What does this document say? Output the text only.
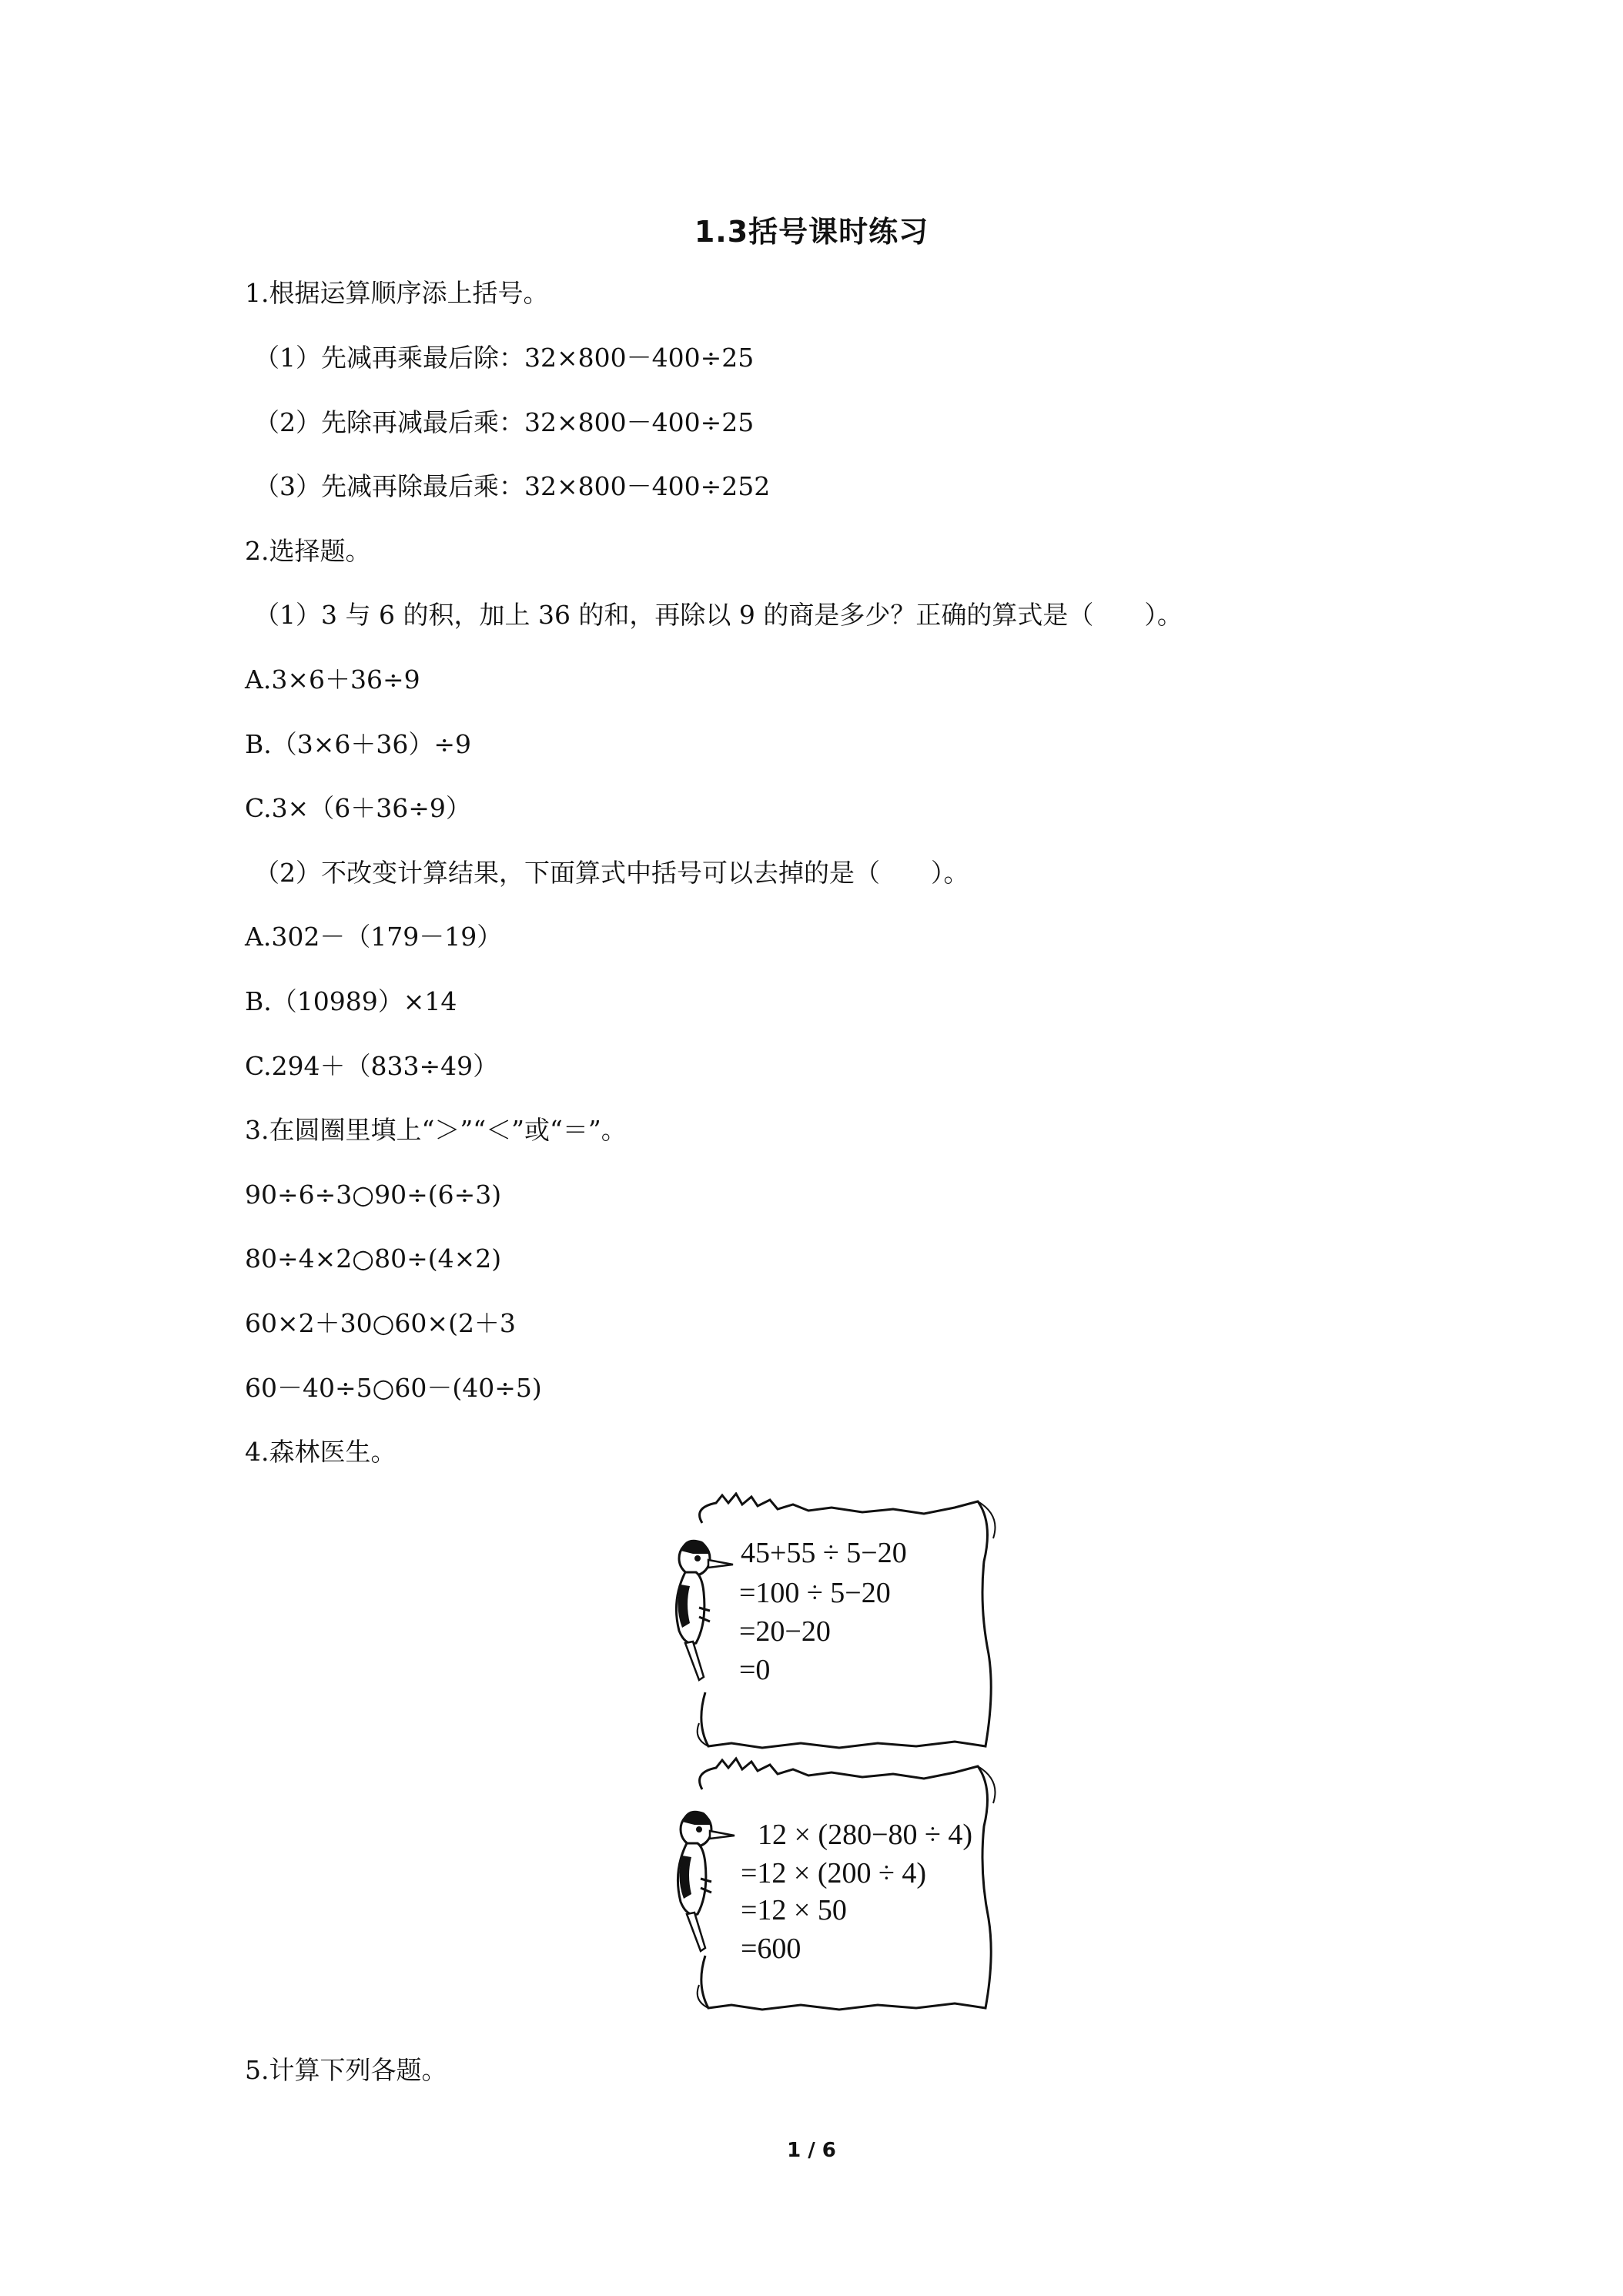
1.3括号课时练习
1.根据运算顺序添上括号。
（1）先减再乘最后除：32×800－400÷25
（2）先除再减最后乘：32×800－400÷25
（3）先减再除最后乘：32×800－400÷252
2.选择题。
（1）3 与 6 的积，加上 36 的和，再除以 9 的商是多少？正确的算式是（　　）。
A.3×6＋36÷9
B.（3×6＋36）÷9
C.3×（6＋36÷9）
（2）不改变计算结果，下面算式中括号可以去掉的是（　　）。
A.302－（179－19）
B.（10989）×14
C.294＋（833÷49）
3.在圆圈里填上“＞”“＜”或“＝”。
90÷6÷3○90÷(6÷3)
80÷4×2○80÷(4×2)
60×2＋30○60×(2＋3
60－40÷5○60－(40÷5)
4.森林医生。
45+55 ÷ 5−20
=100 ÷ 5−20
=20−20
=0
12 × (280−80 ÷ 4)
=12 × (200 ÷ 4)
=12 × 50
=600
5.计算下列各题。
1 / 6
